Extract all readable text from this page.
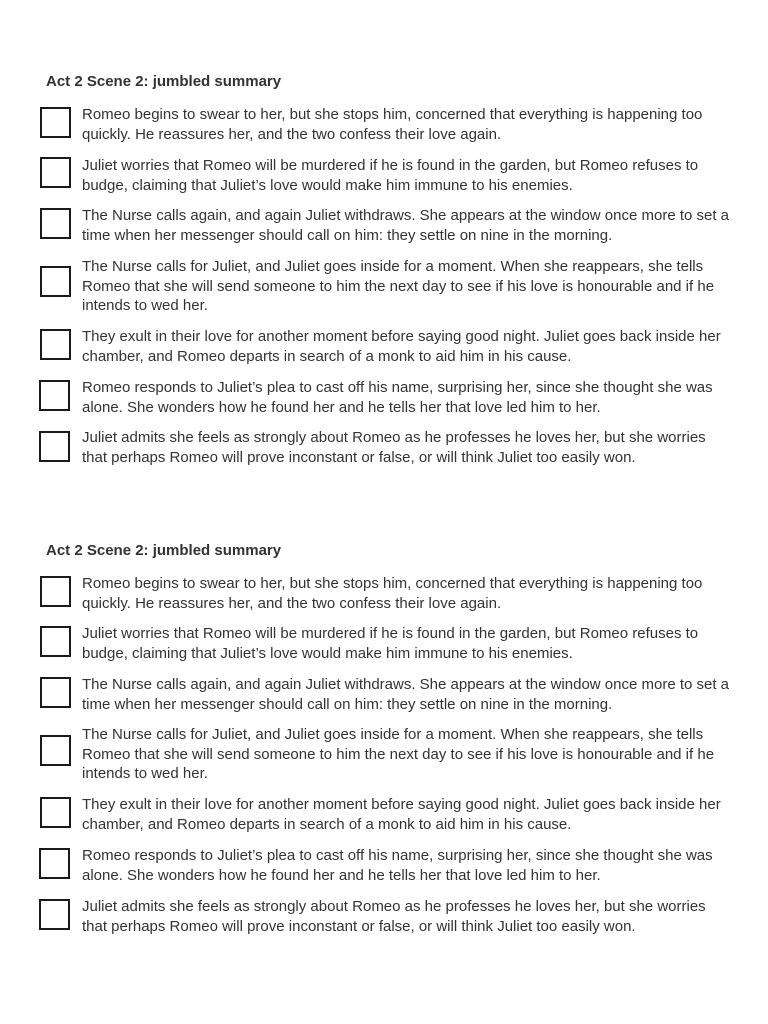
Act 2 Scene 2: jumbled summary

Romeo begins to swear to her, but she stops him, concerned that everything is happening too quickly. He reassures her, and the two confess their love again.

Juliet worries that Romeo will be murdered if he is found in the garden, but Romeo refuses to budge, claiming that Juliet’s love would make him immune to his enemies.

The Nurse calls again, and again Juliet withdraws. She appears at the window once more to set a time when her messenger should call on him: they settle on nine in the morning.

The Nurse calls for Juliet, and Juliet goes inside for a moment. When she reappears, she tells Romeo that she will send someone to him the next day to see if his love is honourable and if he intends to wed her.

They exult in their love for another moment before saying good night. Juliet goes back inside her chamber, and Romeo departs in search of a monk to aid him in his cause.

Romeo responds to Juliet’s plea to cast off his name, surprising her, since she thought she was alone. She wonders how he found her and he tells her that love led him to her.

Juliet admits she feels as strongly about Romeo as he professes he loves her, but she worries that perhaps Romeo will prove inconstant or false, or will think Juliet too easily won.

Act 2 Scene 2: jumbled summary

Romeo begins to swear to her, but she stops him, concerned that everything is happening too quickly. He reassures her, and the two confess their love again.

Juliet worries that Romeo will be murdered if he is found in the garden, but Romeo refuses to budge, claiming that Juliet’s love would make him immune to his enemies.

The Nurse calls again, and again Juliet withdraws. She appears at the window once more to set a time when her messenger should call on him: they settle on nine in the morning.

The Nurse calls for Juliet, and Juliet goes inside for a moment. When she reappears, she tells Romeo that she will send someone to him the next day to see if his love is honourable and if he intends to wed her.

They exult in their love for another moment before saying good night. Juliet goes back inside her chamber, and Romeo departs in search of a monk to aid him in his cause.

Romeo responds to Juliet’s plea to cast off his name, surprising her, since she thought she was alone. She wonders how he found her and he tells her that love led him to her.

Juliet admits she feels as strongly about Romeo as he professes he loves her, but she worries that perhaps Romeo will prove inconstant or false, or will think Juliet too easily won.
